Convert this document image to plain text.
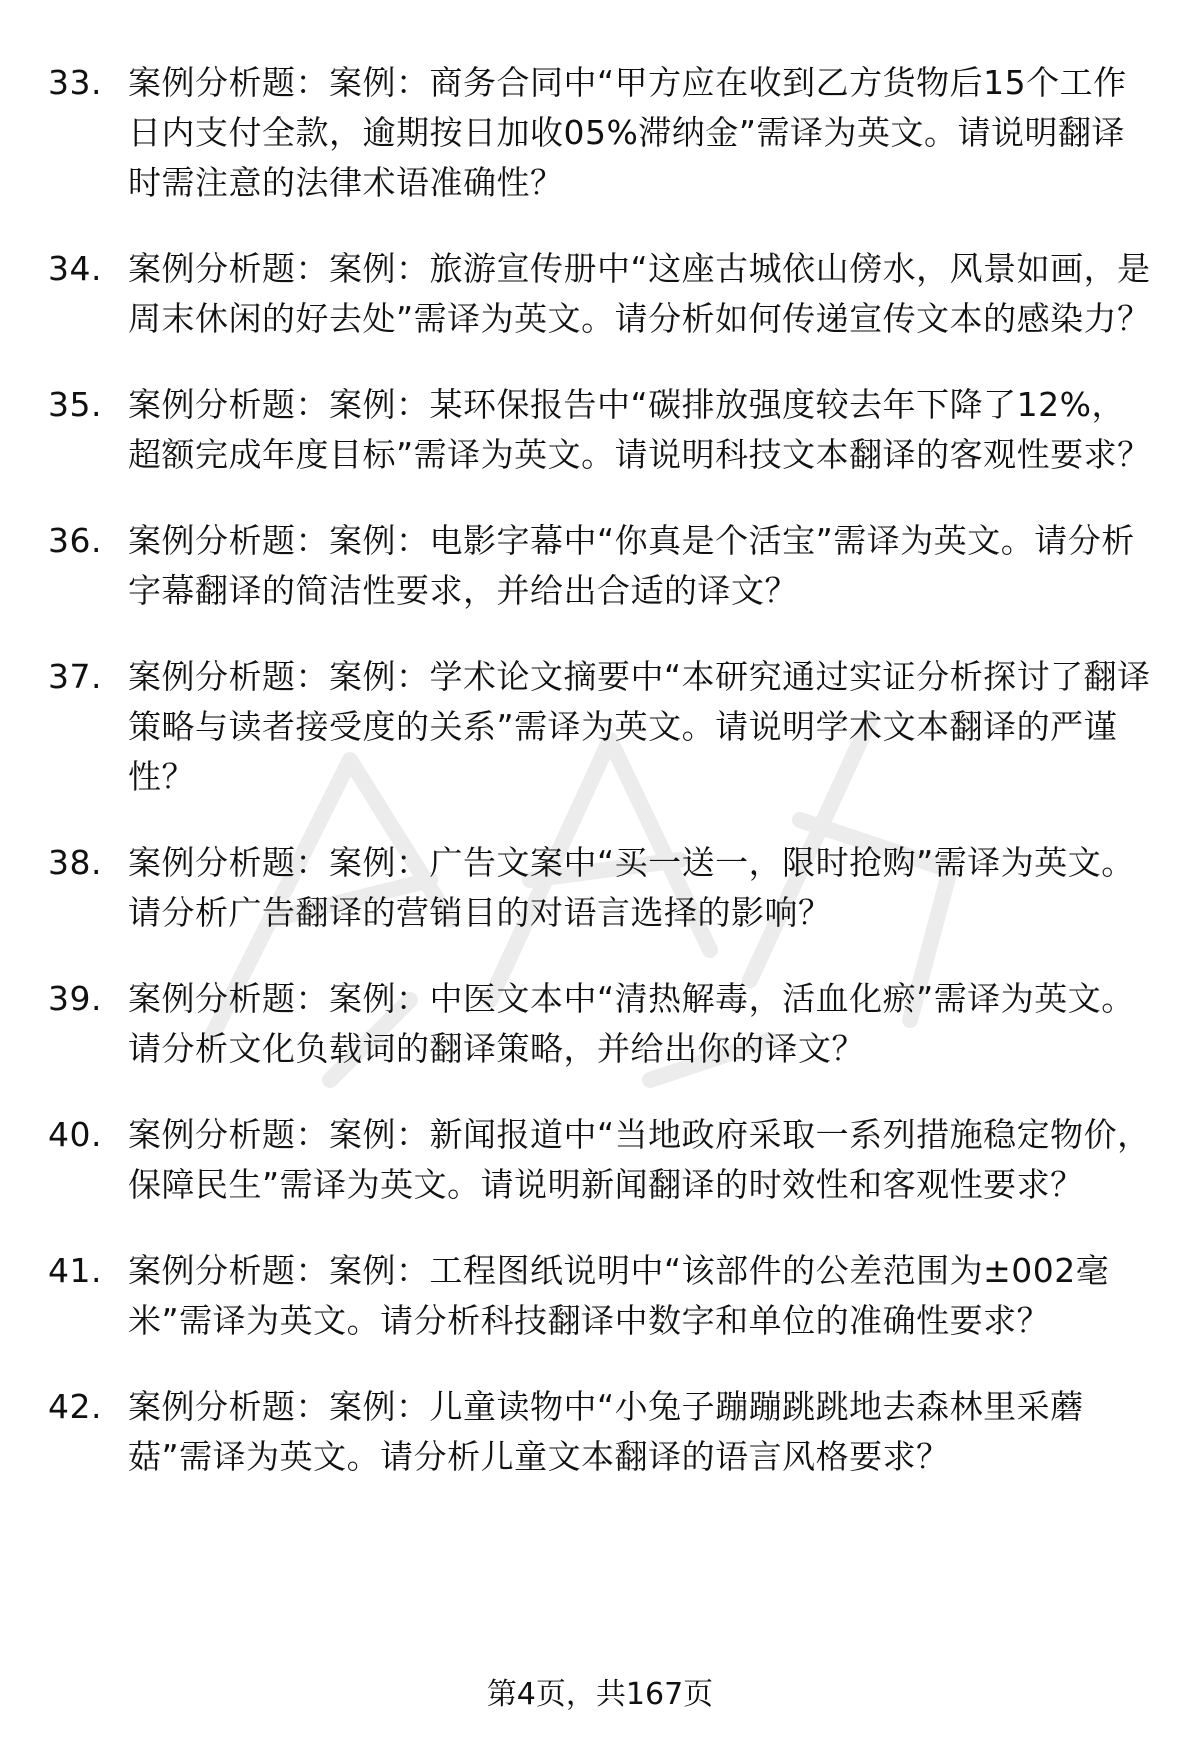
33. 案例分析题：案例：商务合同中“甲方应在收到乙方货物后15个工作日内支付全款，逾期按日加收05%滞纳金”需译为英文。请说明翻译时需注意的法律术语准确性？
34. 案例分析题：案例：旅游宣传册中“这座古城依山傍水，风景如画，是周末休闲的好去处”需译为英文。请分析如何传递宣传文本的感染力？
35. 案例分析题：案例：某环保报告中“碳排放强度较去年下降了12%，超额完成年度目标”需译为英文。请说明科技文本翻译的客观性要求？
36. 案例分析题：案例：电影字幕中“你真是个活宝”需译为英文。请分析字幕翻译的简洁性要求，并给出合适的译文？
37. 案例分析题：案例：学术论文摘要中“本研究通过实证分析探讨了翻译策略与读者接受度的关系”需译为英文。请说明学术文本翻译的严谨性？
38. 案例分析题：案例：广告文案中“买一送一，限时抢购”需译为英文。请分析广告翻译的营销目的对语言选择的影响？
39. 案例分析题：案例：中医文本中“清热解毒，活血化瘀”需译为英文。请分析文化负载词的翻译策略，并给出你的译文？
40. 案例分析题：案例：新闻报道中“当地政府采取一系列措施稳定物价，保障民生”需译为英文。请说明新闻翻译的时效性和客观性要求？
41. 案例分析题：案例：工程图纸说明中“该部件的公差范围为±002毫米”需译为英文。请分析科技翻译中数字和单位的准确性要求？
42. 案例分析题：案例：儿童读物中“小兔子蹦蹦跳跳地去森林里采蘑菇”需译为英文。请分析儿童文本翻译的语言风格要求？
第4页，共167页
